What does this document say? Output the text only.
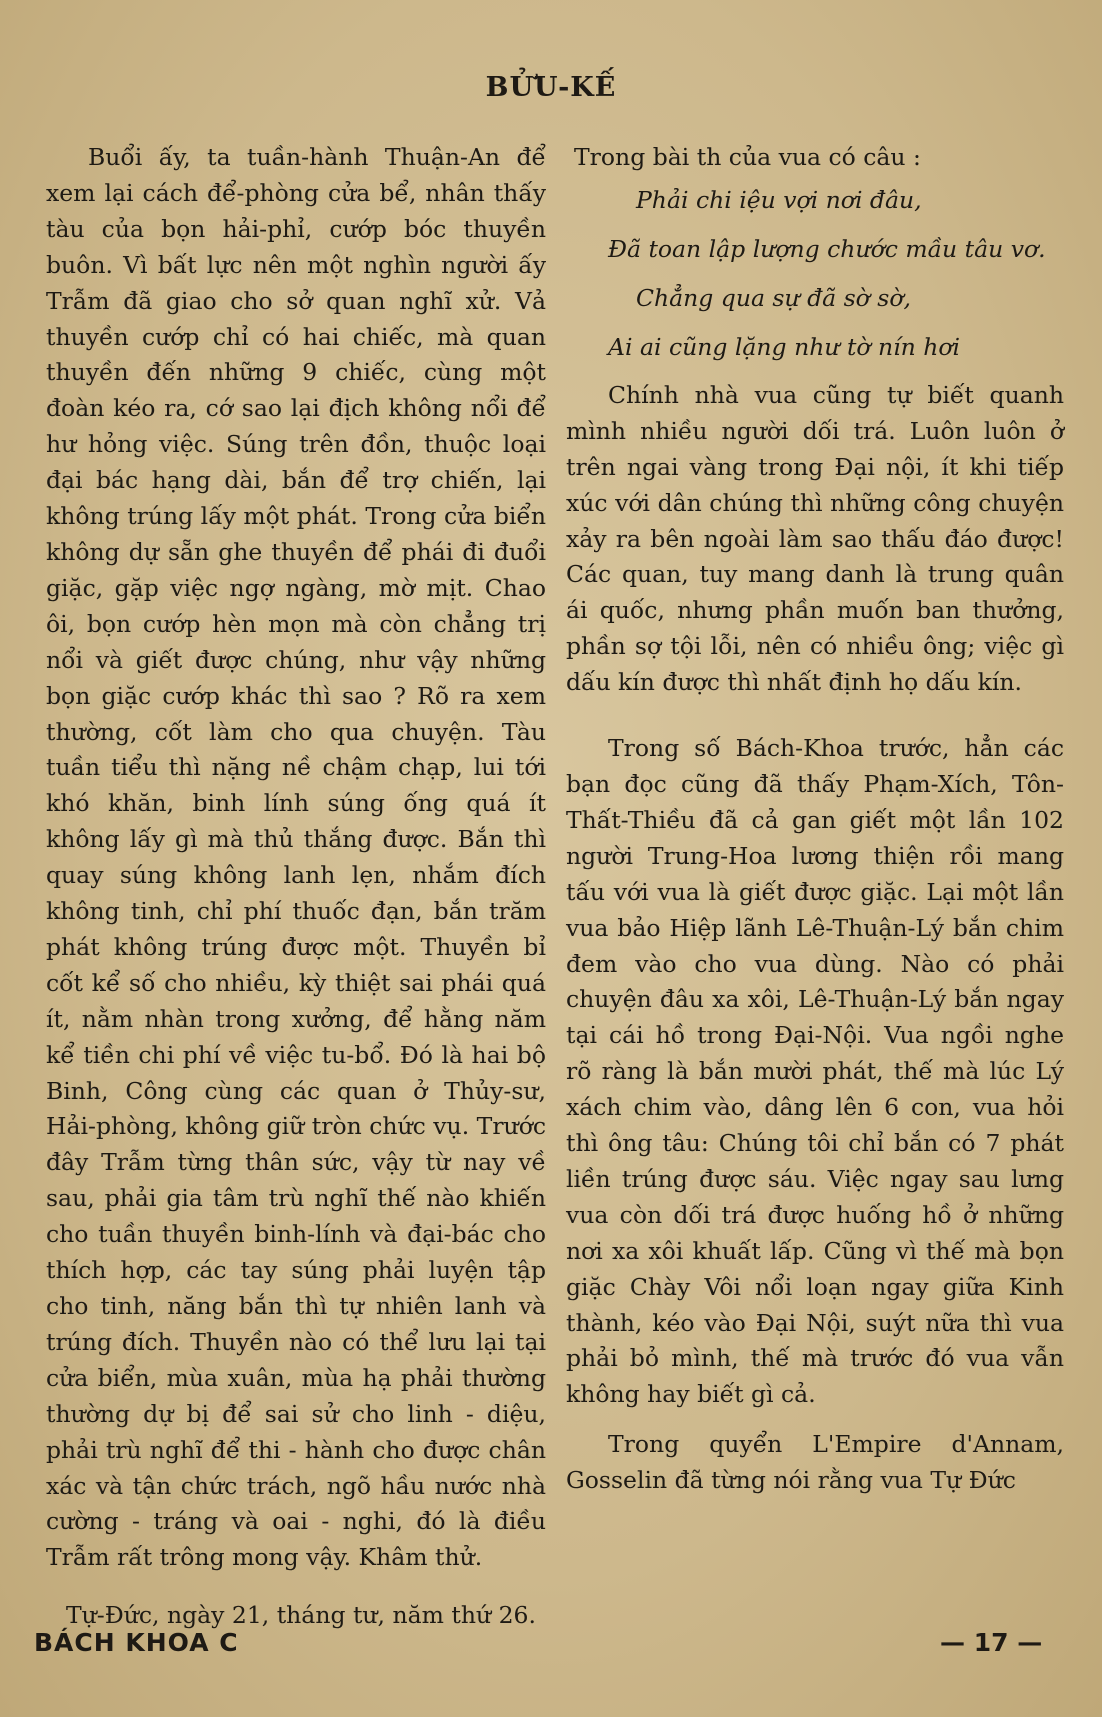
BỬU-KẾ

Buổi ấy, ta tuần-hành Thuận-An để xem lại cách để-phòng cửa bể, nhân thấy tàu của bọn hải-phỉ, cướp bóc thuyền buôn. Vì bất lực nên một nghìn người ấy Trẫm đã giao cho sở quan nghĩ xử. Vả thuyền cướp chỉ có hai chiếc, mà quan thuyền đến những 9 chiếc, cùng một đoàn kéo ra, cớ sao lại địch không nổi để hư hỏng việc. Súng trên đồn, thuộc loại đại bác hạng dài, bắn để trợ chiến, lại không trúng lấy một phát. Trong cửa biển không dự sẵn ghe thuyền để phái đi đuổi giặc, gặp việc ngợ ngàng, mờ mịt. Chao ôi, bọn cướp hèn mọn mà còn chẳng trị nổi và giết được chúng, như vậy những bọn giặc cướp khác thì sao ? Rõ ra xem thường, cốt làm cho qua chuyện. Tàu tuần tiểu thì nặng nề chậm chạp, lui tới khó khăn, binh lính súng ống quá ít không lấy gì mà thủ thắng được. Bắn thì quay súng không lanh lẹn, nhắm đích không tinh, chỉ phí thuốc đạn, bắn trăm phát không trúng được một. Thuyền bỉ cốt kể số cho nhiều, kỳ thiệt sai phái quá ít, nằm nhàn trong xưởng, để hằng năm kể tiền chi phí về việc tu-bổ. Đó là hai bộ Binh, Công cùng các quan ở Thủy-sư, Hải-phòng, không giữ tròn chức vụ. Trước đây Trẫm từng thân sức, vậy từ nay về sau, phải gia tâm trù nghĩ thế nào khiến cho tuần thuyền binh-lính và đại-bác cho thích hợp, các tay súng phải luyện tập cho tinh, năng bắn thì tự nhiên lanh và trúng đích. Thuyền nào có thể lưu lại tại cửa biển, mùa xuân, mùa hạ phải thường thường dự bị để sai sử cho linh - diệu, phải trù nghĩ để thi - hành cho được chân xác và tận chức trách, ngõ hầu nước nhà cường - tráng và oai - nghi, đó là điều Trẫm rất trông mong vậy. Khâm thử.

Tự-Đức, ngày 21, tháng tư, năm thứ 26.

Trong bài th của vua có câu :

Phải chi iệu vợi nơi đâu,
Đã toan lập lượng chước mầu tâu vơ.
Chẳng qua sự đã sờ sờ,
Ai ai cũng lặng như tờ nín hơi

Chính nhà vua cũng tự biết quanh mình nhiều người dối trá. Luôn luôn ở trên ngai vàng trong Đại nội, ít khi tiếp xúc với dân chúng thì những công chuyện xảy ra bên ngoài làm sao thấu đáo được! Các quan, tuy mang danh là trung quân ái quốc, nhưng phần muốn ban thưởng, phần sợ tội lỗi, nên có nhiều ông; việc gì dấu kín được thì nhất định họ dấu kín.

Trong số Bách-Khoa trước, hẳn các bạn đọc cũng đã thấy Phạm-Xích, Tôn-Thất-Thiều đã cả gan giết một lần 102 người Trung-Hoa lương thiện rồi mang tấu với vua là giết được giặc. Lại một lần vua bảo Hiệp lãnh Lê-Thuận-Lý bắn chim đem vào cho vua dùng. Nào có phải chuyện đâu xa xôi, Lê-Thuận-Lý bắn ngay tại cái hồ trong Đại-Nội. Vua ngồi nghe rõ ràng là bắn mười phát, thế mà lúc Lý xách chim vào, dâng lên 6 con, vua hỏi thì ông tâu: Chúng tôi chỉ bắn có 7 phát liền trúng được sáu. Việc ngay sau lưng vua còn dối trá được huống hồ ở những nơi xa xôi khuất lấp. Cũng vì thế mà bọn giặc Chày Vôi nổi loạn ngay giữa Kinh thành, kéo vào Đại Nội, suýt nữa thì vua phải bỏ mình, thế mà trước đó vua vẫn không hay biết gì cả.

Trong quyển L'Empire d'Annam, Gosselin đã từng nói rằng vua Tự Đức

BÁCH KHOA C	— 17 —
